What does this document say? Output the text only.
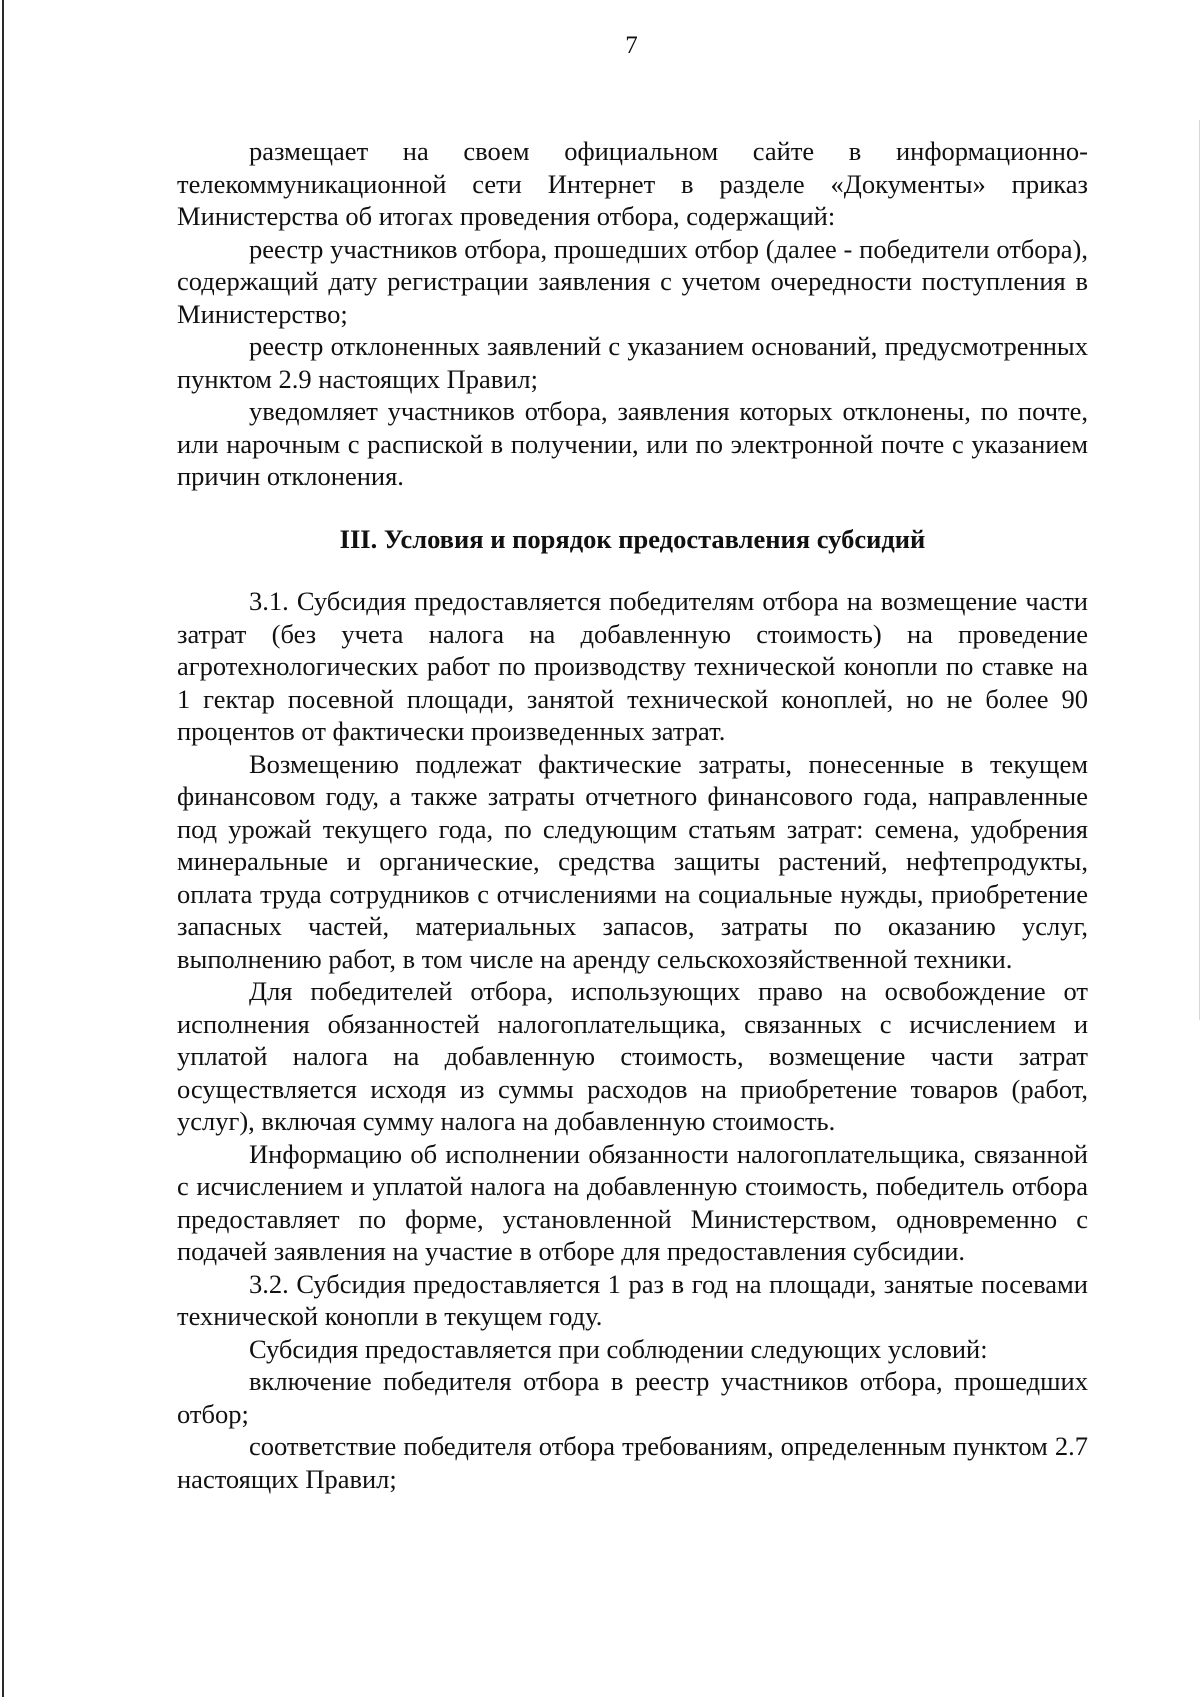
7

размещает на своем официальном сайте в информационно-телекоммуникационной сети Интернет в разделе «Документы» приказ Министерства об итогах проведения отбора, содержащий:

реестр участников отбора, прошедших отбор (далее - победители отбора), содержащий дату регистрации заявления с учетом очередности поступления в Министерство;

реестр отклоненных заявлений с указанием оснований, предусмотренных пунктом 2.9 настоящих Правил;

уведомляет участников отбора, заявления которых отклонены, по почте, или нарочным с распиской в получении, или по электронной почте с указанием причин отклонения.

III. Условия и порядок предоставления субсидий

3.1. Субсидия предоставляется победителям отбора на возмещение части затрат (без учета налога на добавленную стоимость) на проведение агротехнологических работ по производству технической конопли по ставке на 1 гектар посевной площади, занятой технической коноплей, но не более 90 процентов от фактически произведенных затрат.

Возмещению подлежат фактические затраты, понесенные в текущем финансовом году, а также затраты отчетного финансового года, направленные под урожай текущего года, по следующим статьям затрат: семена, удобрения минеральные и органические, средства защиты растений, нефтепродукты, оплата труда сотрудников с отчислениями на социальные нужды, приобретение запасных частей, материальных запасов, затраты по оказанию услуг, выполнению работ, в том числе на аренду сельскохозяйственной техники.

Для победителей отбора, использующих право на освобождение от исполнения обязанностей налогоплательщика, связанных с исчислением и уплатой налога на добавленную стоимость, возмещение части затрат осуществляется исходя из суммы расходов на приобретение товаров (работ, услуг), включая сумму налога на добавленную стоимость.

Информацию об исполнении обязанности налогоплательщика, связанной с исчислением и уплатой налога на добавленную стоимость, победитель отбора предоставляет по форме, установленной Министерством, одновременно с подачей заявления на участие в отборе для предоставления субсидии.

3.2. Субсидия предоставляется 1 раз в год на площади, занятые посевами технической конопли в текущем году.

Субсидия предоставляется при соблюдении следующих условий:

включение победителя отбора в реестр участников отбора, прошедших отбор;

соответствие победителя отбора требованиям, определенным пунктом 2.7 настоящих Правил;
